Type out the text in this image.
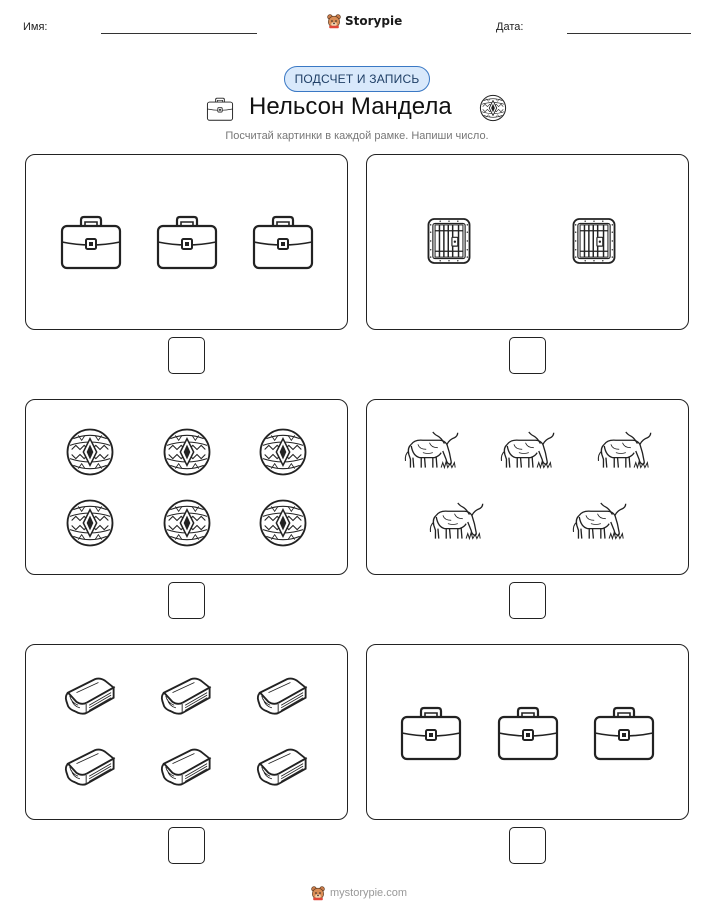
Имя:	Storypie	Дата:
ПОДСЧЕТ И ЗАПИСЬ
Нельсон Мандела
Посчитай картинки в каждой рамке. Напиши число.
mystorypie.com
